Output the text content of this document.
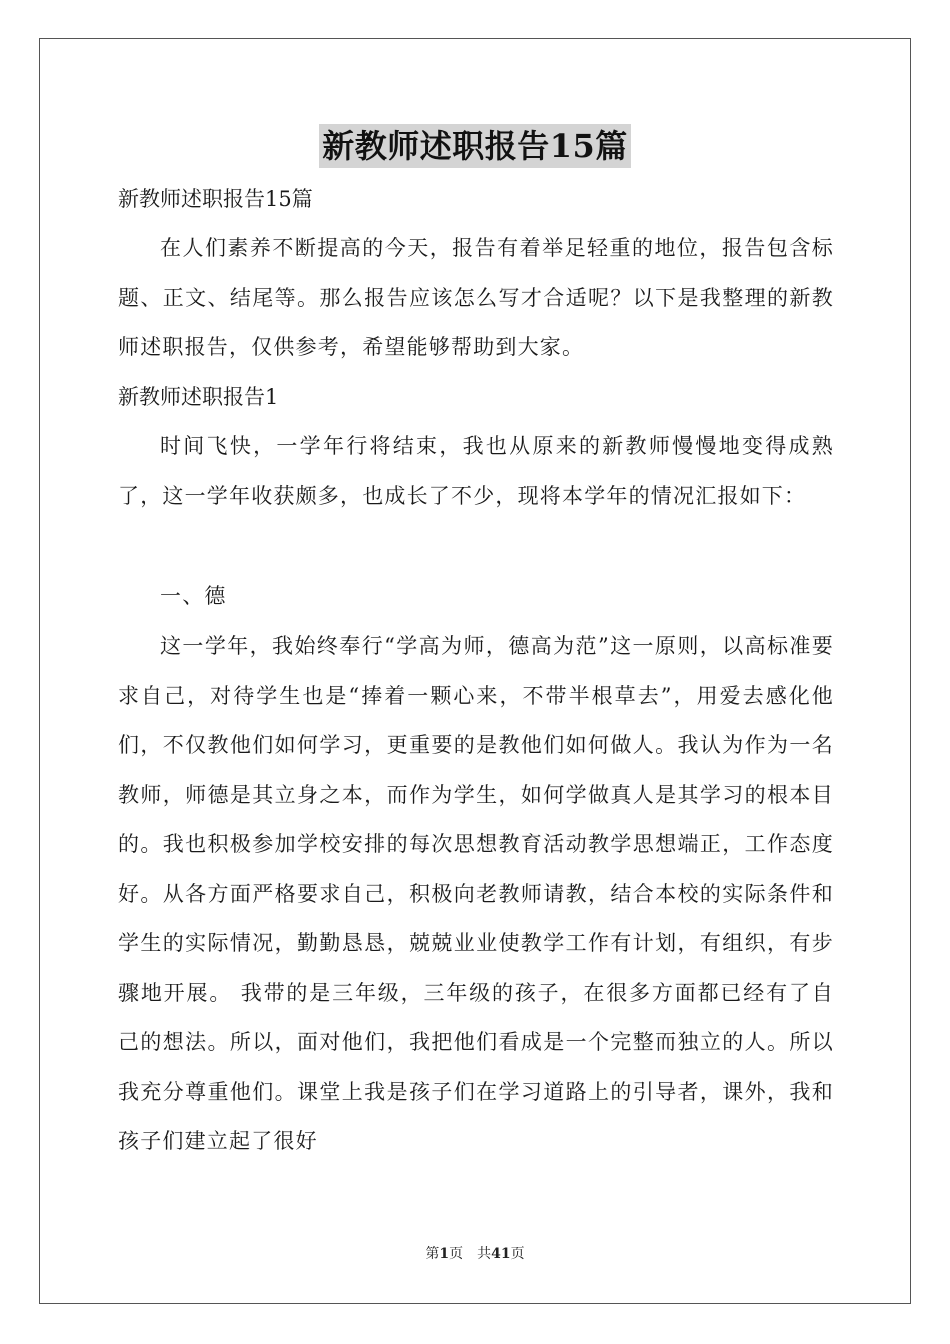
新教师述职报告15篇

新教师述职报告15篇

在人们素养不断提高的今天，报告有着举足轻重的地位，报告包含标题、正文、结尾等。那么报告应该怎么写才合适呢？以下是我整理的新教师述职报告，仅供参考，希望能够帮助到大家。

新教师述职报告1

时间飞快，一学年行将结束，我也从原来的新教师慢慢地变得成熟了，这一学年收获颇多，也成长了不少，现将本学年的情况汇报如下：

一、德

这一学年，我始终奉行“学高为师，德高为范”这一原则，以高标准要求自己，对待学生也是“捧着一颗心来，不带半根草去”，用爱去感化他们，不仅教他们如何学习，更重要的是教他们如何做人。我认为作为一名教师，师德是其立身之本，而作为学生，如何学做真人是其学习的根本目的。我也积极参加学校安排的每次思想教育活动教学思想端正，工作态度好。从各方面严格要求自己，积极向老教师请教，结合本校的实际条件和学生的实际情况，勤勤恳恳，兢兢业业使教学工作有计划，有组织，有步骤地开展。 我带的是三年级，三年级的孩子，在很多方面都已经有了自己的想法。所以，面对他们，我把他们看成是一个完整而独立的人。所以我充分尊重他们。课堂上我是孩子们在学习道路上的引导者，课外，我和孩子们建立起了很好

第1页　共41页
